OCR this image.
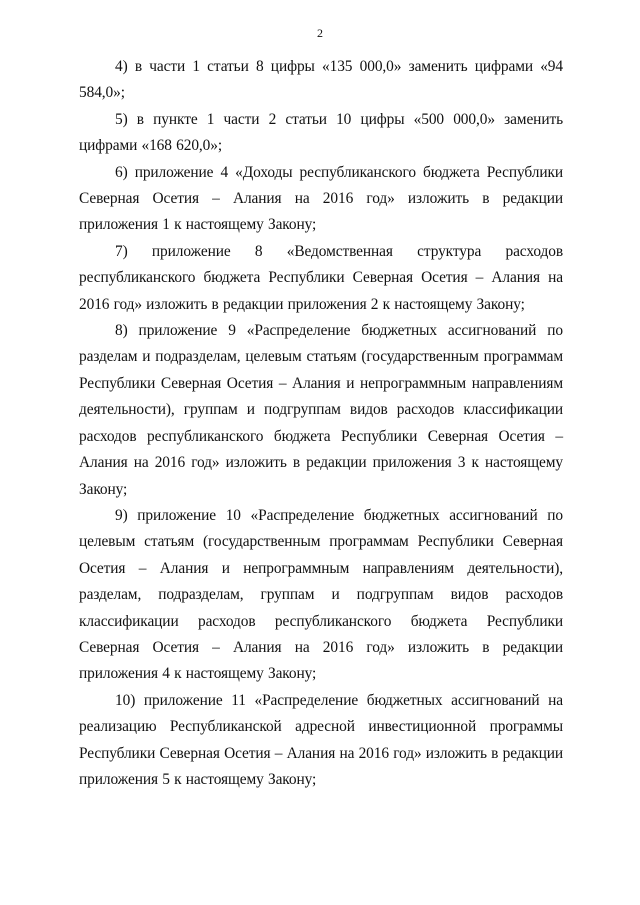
2

4) в части 1 статьи 8 цифры «135 000,0» заменить цифрами «94 584,0»;

5) в пункте 1 части 2 статьи 10 цифры «500 000,0» заменить цифрами «168 620,0»;

6) приложение 4 «Доходы республиканского бюджета Республики Северная Осетия – Алания на 2016 год» изложить в редакции приложения 1 к настоящему Закону;

7) приложение 8 «Ведомственная структура расходов республиканского бюджета Республики Северная Осетия – Алания на 2016 год» изложить в редакции приложения 2 к настоящему Закону;

8) приложение 9 «Распределение бюджетных ассигнований по разделам и подразделам, целевым статьям (государственным программам Республики Северная Осетия – Алания и непрограммным направлениям деятельности), группам и подгруппам видов расходов классификации расходов республиканского бюджета Республики Северная Осетия – Алания на 2016 год» изложить в редакции приложения 3 к настоящему Закону;

9) приложение 10 «Распределение бюджетных ассигнований по целевым статьям (государственным программам Республики Северная Осетия – Алания и непрограммным направлениям деятельности), разделам, подразделам, группам и подгруппам видов расходов классификации расходов республиканского бюджета Республики Северная Осетия – Алания на 2016 год» изложить в редакции приложения 4 к настоящему Закону;

10) приложение 11 «Распределение бюджетных ассигнований на реализацию Республиканской адресной инвестиционной программы Республики Северная Осетия – Алания на 2016 год» изложить в редакции приложения 5 к настоящему Закону;
